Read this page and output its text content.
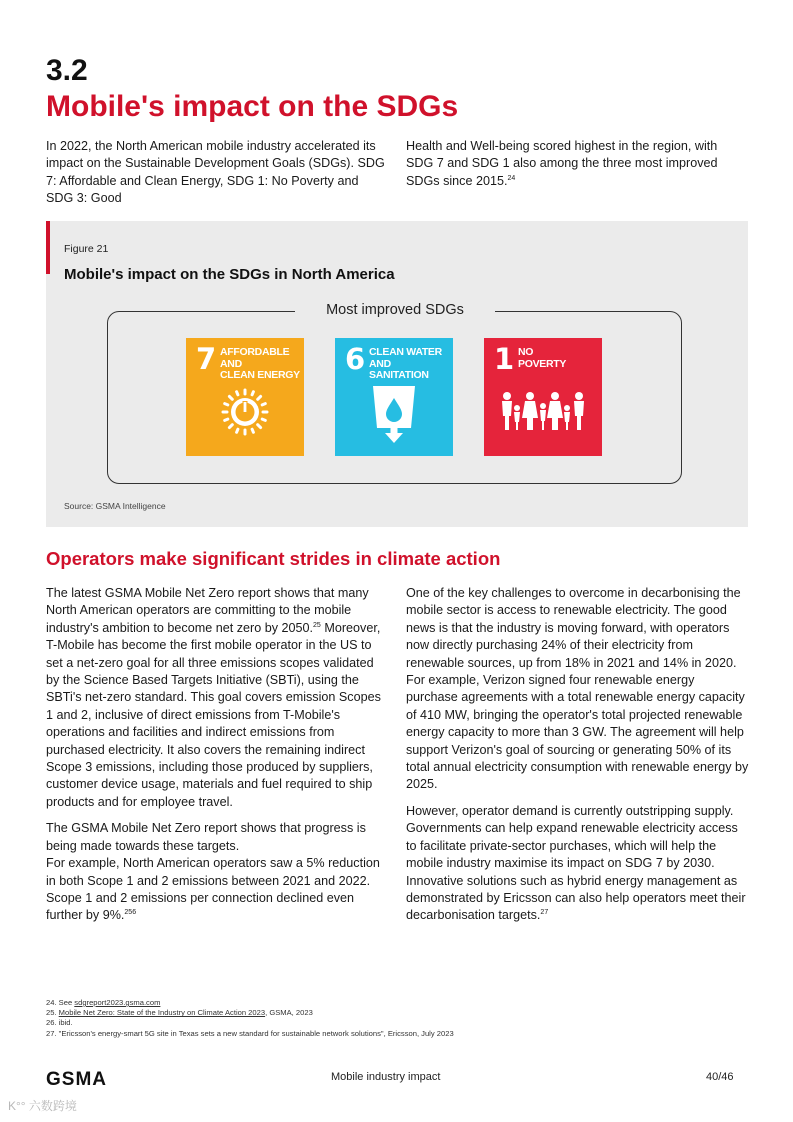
3.2
Mobile's impact on the SDGs

In 2022, the North American mobile industry accelerated its impact on the Sustainable Development Goals (SDGs). SDG 7: Affordable and Clean Energy, SDG 1: No Poverty and SDG 3: Good

Health and Well-being scored highest in the region, with SDG 7 and SDG 1 also among the three most improved SDGs since 2015.24

Figure 21
Mobile's impact on the SDGs in North America
Most improved SDGs
7 AFFORDABLE AND
CLEAN ENERGY 6 CLEAN WATER
AND SANITATION	1 NO
POVERTY
Source: GSMA Intelligence
Operators make significant strides in climate action

The latest GSMA Mobile Net Zero report shows that many North American operators are committing to the mobile industry's ambition to become net zero by 2050.25 Moreover, T-Mobile has become the first mobile operator in the US to set a net-zero goal for all three emissions scopes validated by the Science Based Targets Initiative (SBTi), using the SBTi's net-zero standard. This goal covers emission Scopes 1 and 2, inclusive of direct emissions from T-Mobile's operations and facilities and indirect emissions from purchased electricity. It also covers the remaining indirect Scope 3 emissions, including those produced by suppliers, customer device usage, materials and fuel required to ship products and for employee travel.

The GSMA Mobile Net Zero report shows that progress is being made towards these targets.
For example, North American operators saw a 5% reduction in both Scope 1 and 2 emissions between 2021 and 2022. Scope 1 and 2 emissions per connection declined even further by 9%.$^{256}$

One of the key challenges to overcome in decarbonising the mobile sector is access to renewable electricity. The good news is that the industry is moving forward, with operators now directly purchasing 24% of their electricity from renewable sources, up from 18% in 2021 and 14% in 2020. For example, Verizon signed four renewable energy purchase agreements with a total renewable energy capacity of 410 MW, bringing the operator's total projected renewable energy capacity to more than 3 GW. The agreement will help support Verizon's goal of sourcing or generating 50% of its total annual electricity consumption with renewable energy by 2025.

However, operator demand is currently outstripping supply. Governments can help expand renewable electricity access to facilitate private-sector purchases, which will help the mobile industry maximise its impact on SDG 7 by 2030. Innovative solutions such as hybrid energy management as demonstrated by Ericsson can also help operators meet their decarbonisation targets.$^{27}$

24. See sdgreport2023.gsma.com
25. Mobile Net Zero: State of the Industry on Climate Action 2023, GSMA, 2023
26. ibid.
27. "Ericsson's energy-smart 5G site in Texas sets a new standard for sustainable network solutions", Ericsson, July 2023
GSMA	Mobile industry impact	40/46
K°° 六数跨境
